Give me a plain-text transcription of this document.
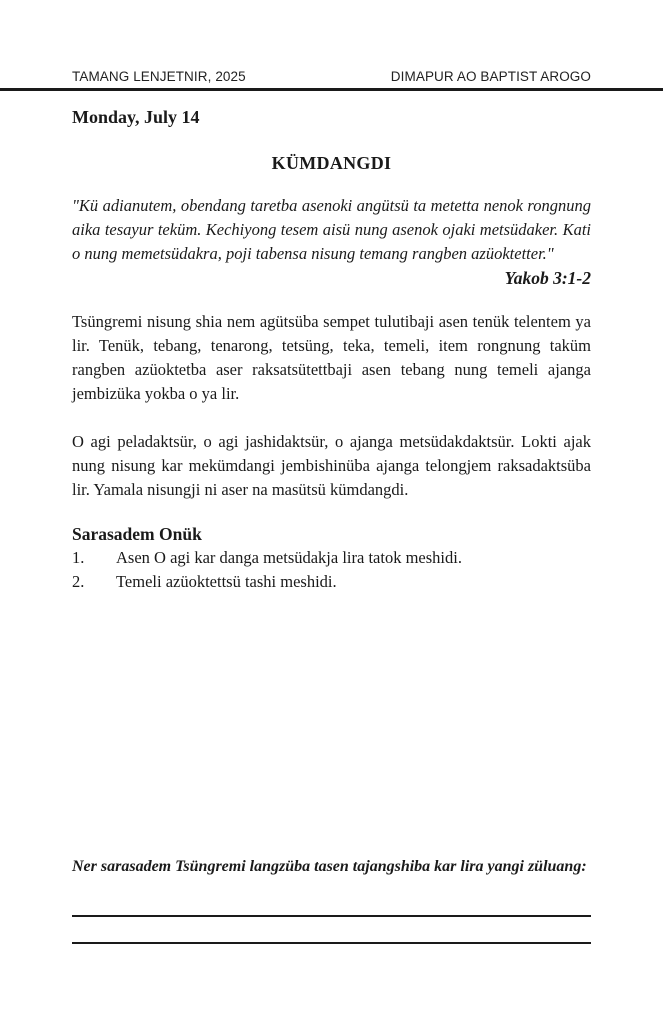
TAMANG LENJETNIR, 2025	DIMAPUR AO BAPTIST AROGO

Monday, July 14

KÜMDANGDI

"Kü adianutem, obendang taretba asenoki angütsü ta metetta nenok rongnung aika tesayur teküm. Kechiyong tesem aisü nung asenok ojaki metsüdaker. Kati o nung memetsüdakra, poji tabensa nisung temang rangben azüoktetter."

Yakob 3:1-2

Tsüngremi nisung shia nem agütsüba sempet tulutibaji asen tenük telentem ya lir. Tenük, tebang, tenarong, tetsüng, teka, temeli, item rongnung taküm rangben azüoktetba aser raksatsütettbaji asen tebang nung temeli ajanga jembizüka yokba o ya lir.

O agi peladaktsür, o agi jashidaktsür, o ajanga metsüdakdaktsür. Lokti ajak nung nisung kar mekümdangi jembishinüba ajanga telongjem raksadaktsüba lir. Yamala nisungji ni aser na masütsü kümdangdi.

Sarasadem Onük
1.	Asen O agi kar danga metsüdakja lira tatok meshidi.
2.	Temeli azüoktettsü tashi meshidi.

Ner sarasadem Tsüngremi langzüba tasen tajangshiba kar lira yangi züluang:
